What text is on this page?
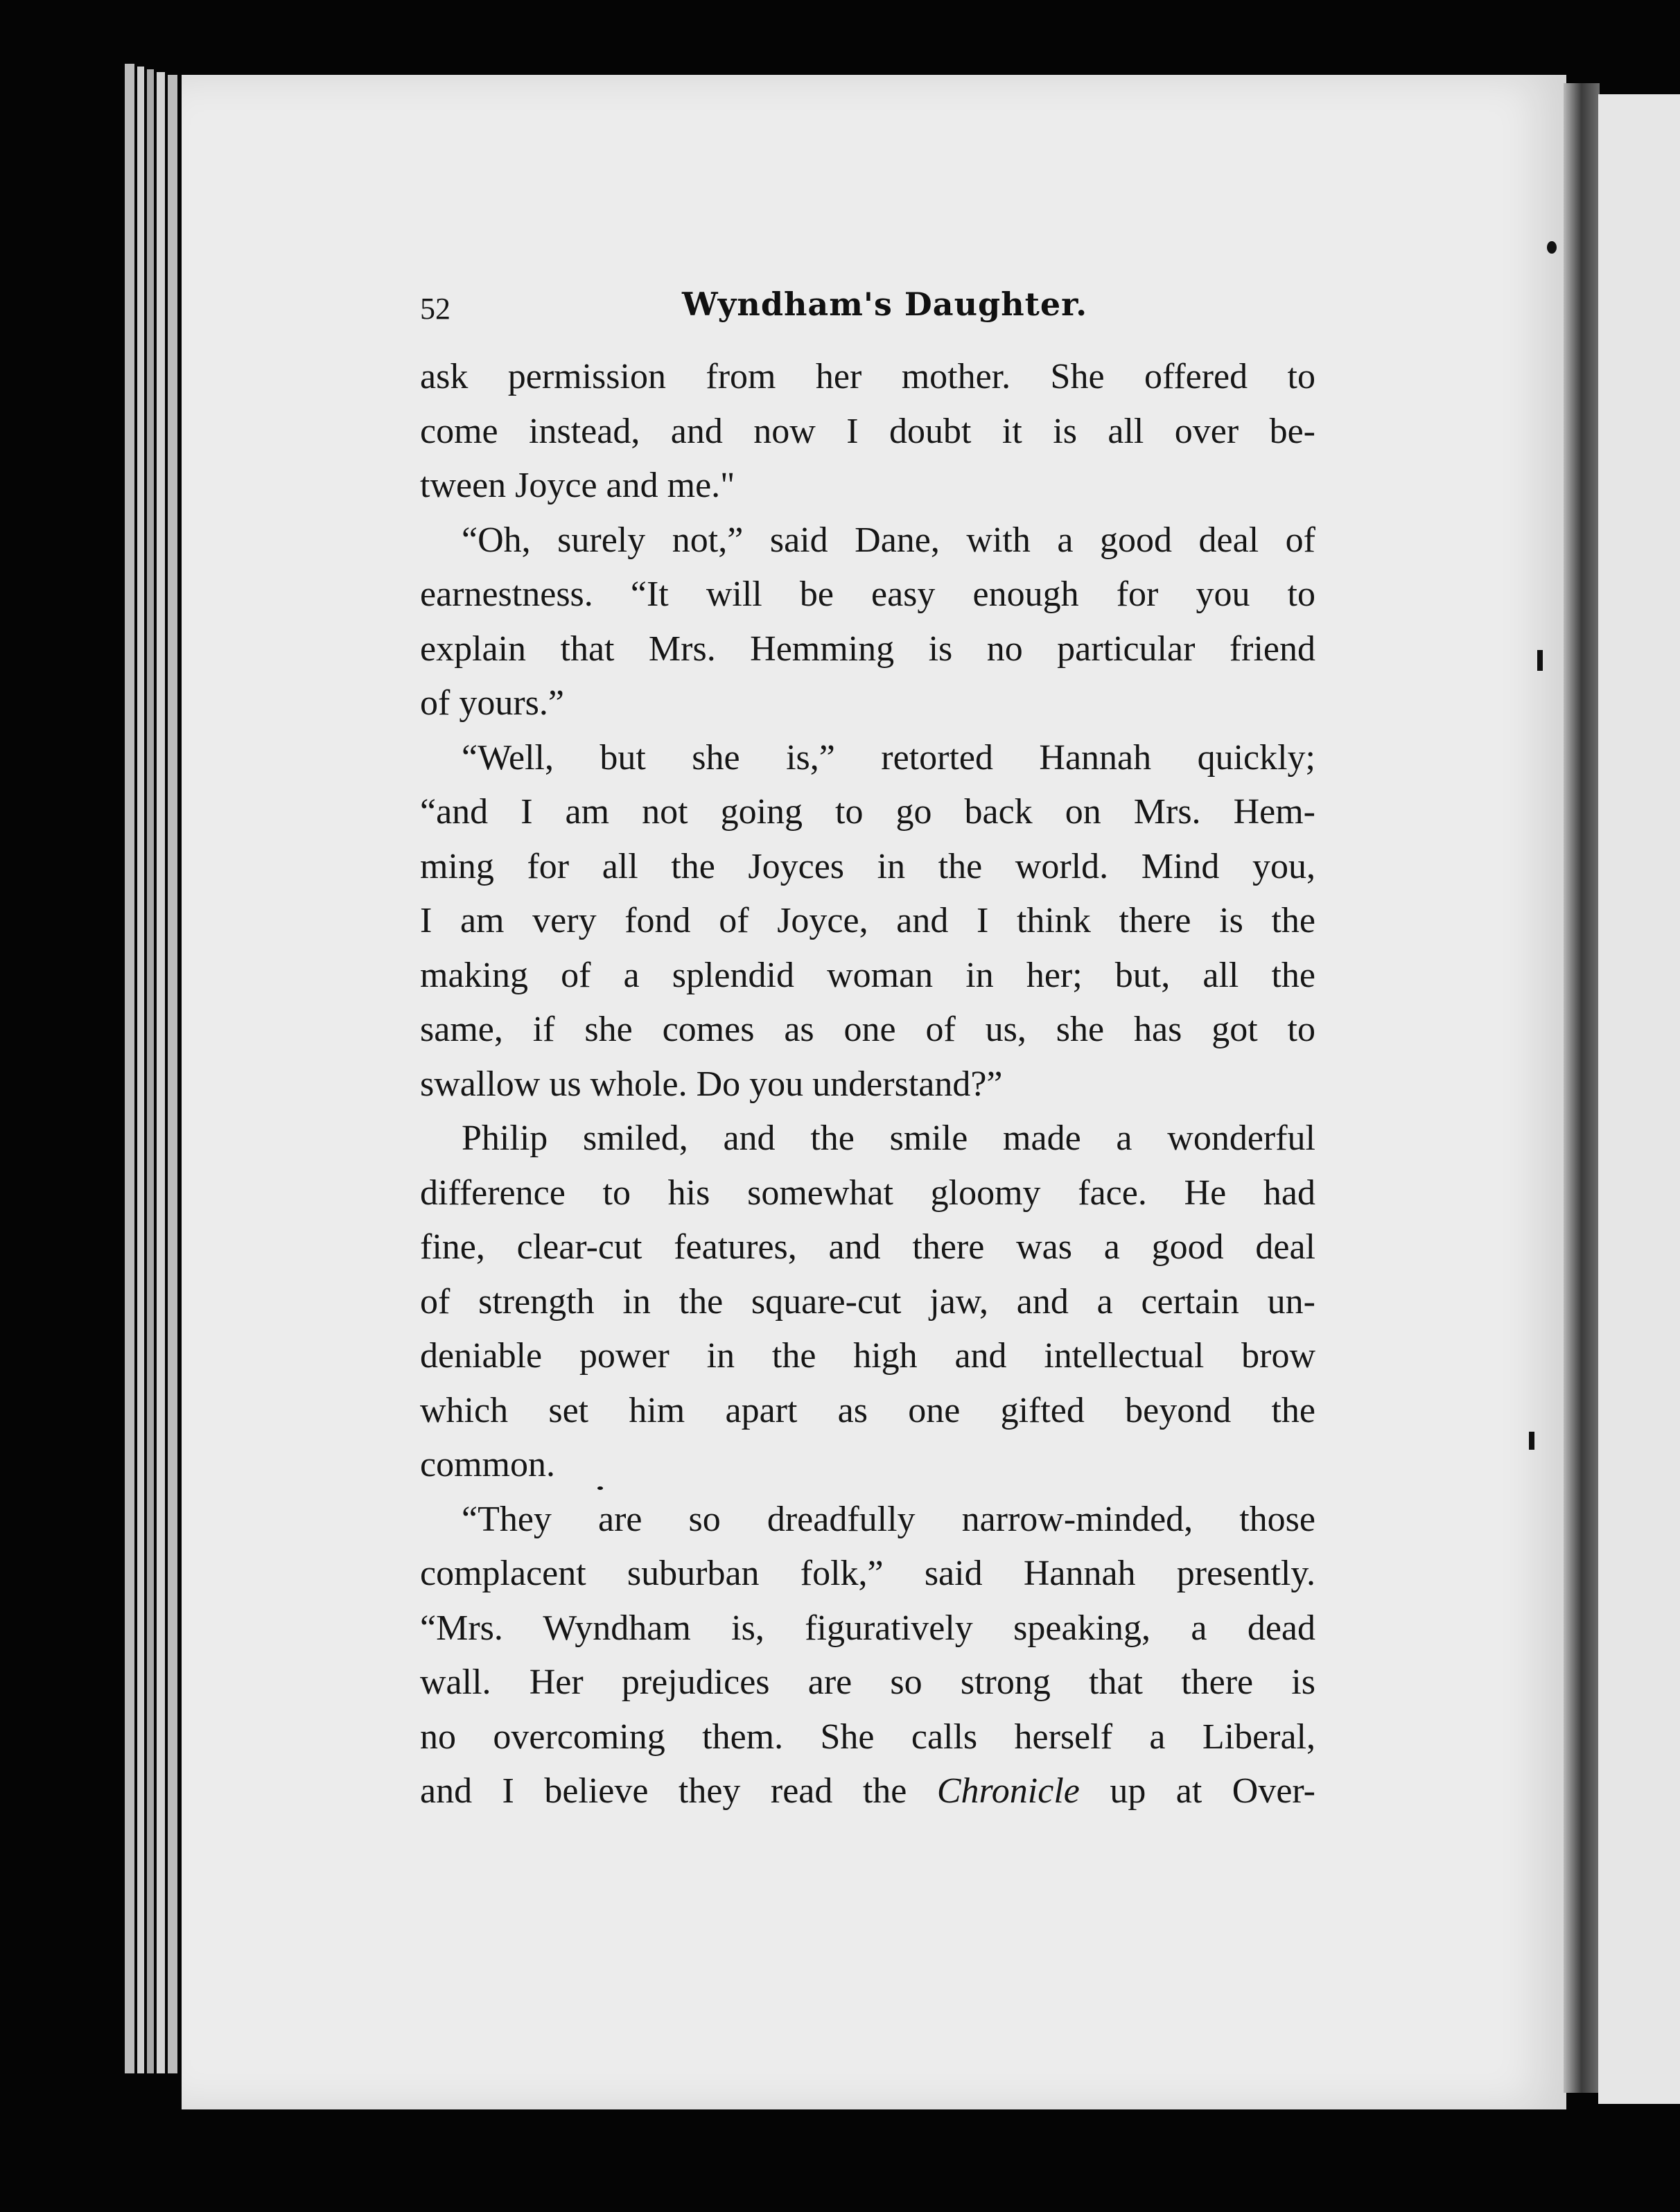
52	Wyndham's Daughter.
ask permission from her mother. She offered to
come instead, and now I doubt it is all over be-
tween Joyce and me."
“Oh, surely not,” said Dane, with a good deal of
earnestness. “It will be easy enough for you to
explain that Mrs. Hemming is no particular friend
of yours.”
“Well, but she is,” retorted Hannah quickly;
“and I am not going to go back on Mrs. Hem-
ming for all the Joyces in the world. Mind you,
I am very fond of Joyce, and I think there is the
making of a splendid woman in her; but, all the
same, if she comes as one of us, she has got to
swallow us whole. Do you understand?”
Philip smiled, and the smile made a wonderful
difference to his somewhat gloomy face. He had
fine, clear-cut features, and there was a good deal
of strength in the square-cut jaw, and a certain un-
deniable power in the high and intellectual brow
which set him apart as one gifted beyond the
common.
“They are so dreadfully narrow-minded, those
complacent suburban folk,” said Hannah presently.
“Mrs. Wyndham is, figuratively speaking, a dead
wall. Her prejudices are so strong that there is
no overcoming them. She calls herself a Liberal,
and I believe they read the Chronicle up at Over-
